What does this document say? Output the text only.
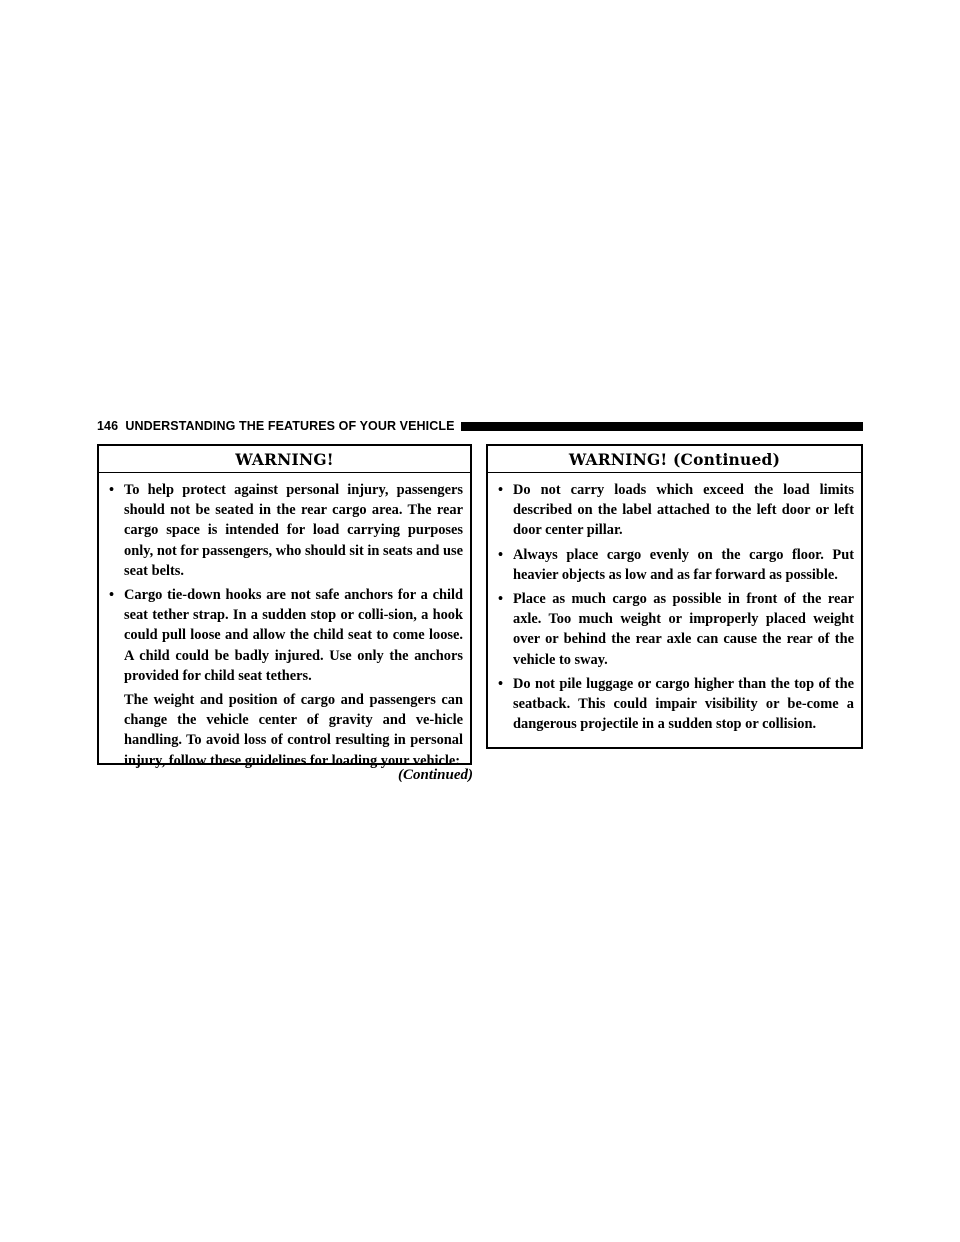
146 UNDERSTANDING THE FEATURES OF YOUR VEHICLE
WARNING!
• To help protect against personal injury, passengers should not be seated in the rear cargo area. The rear cargo space is intended for load carrying purposes only, not for passengers, who should sit in seats and use seat belts.
• Cargo tie-down hooks are not safe anchors for a child seat tether strap. In a sudden stop or colli-sion, a hook could pull loose and allow the child seat to come loose. A child could be badly injured. Use only the anchors provided for child seat tethers.
The weight and position of cargo and passengers can change the vehicle center of gravity and ve-hicle handling. To avoid loss of control resulting in personal injury, follow these guidelines for loading your vehicle:
(Continued)
WARNING! (Continued)
• Do not carry loads which exceed the load limits described on the label attached to the left door or left door center pillar.
• Always place cargo evenly on the cargo floor. Put heavier objects as low and as far forward as possible.
• Place as much cargo as possible in front of the rear axle. Too much weight or improperly placed weight over or behind the rear axle can cause the rear of the vehicle to sway.
• Do not pile luggage or cargo higher than the top of the seatback. This could impair visibility or be-come a dangerous projectile in a sudden stop or collision.
